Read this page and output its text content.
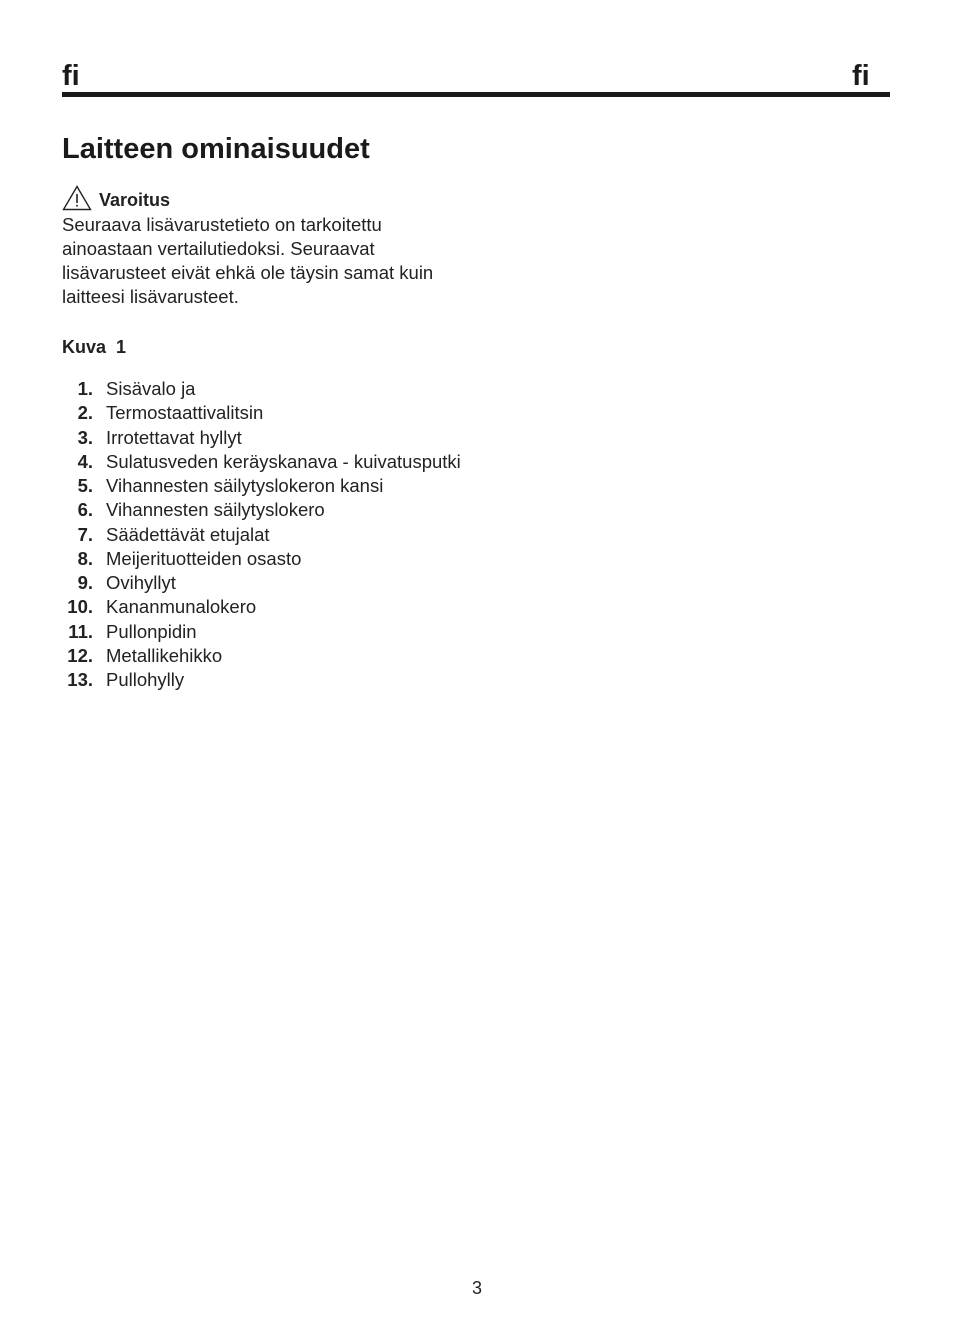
fi	fi
Laitteen ominaisuudet
Varoitus

Seuraava lisävarustetieto on tarkoitettu ainoastaan vertailutiedoksi. Seuraavat lisävarusteet eivät ehkä ole täysin samat kuin laitteesi lisävarusteet.

Kuva  1
1. Sisävalo ja
2. Termostaattivalitsin
3. Irrotettavat hyllyt
4. Sulatusveden keräyskanava - kuivatusputki
5. Vihannesten säilytyslokeron kansi
6. Vihannesten säilytyslokero
7. Säädettävät etujalat
8. Meijerituotteiden osasto
9. Ovihyllyt
10. Kananmunalokero
11. Pullonpidin
12. Metallikehikko
13. Pullohylly
3
